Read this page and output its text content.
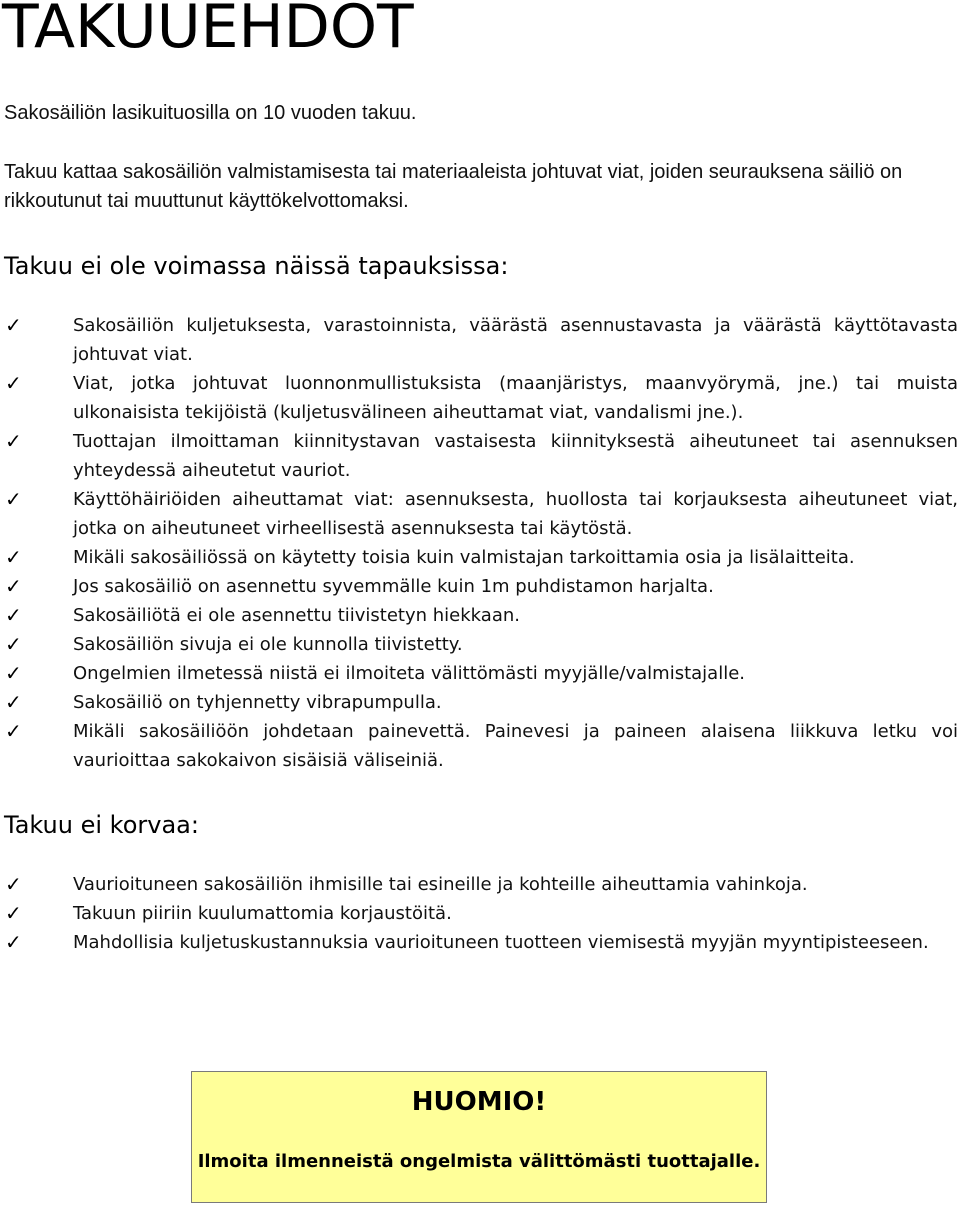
TAKUUEHDOT

Sakosäiliön lasikuituosilla on 10 vuoden takuu.

Takuu kattaa sakosäiliön valmistamisesta tai materiaaleista johtuvat viat, joiden seurauksena säiliö on rikkoutunut tai muuttunut käyttökelvottomaksi.

Takuu ei ole voimassa näissä tapauksissa:
✓	Sakosäiliön kuljetuksesta, varastoinnista, väärästä asennustavasta ja väärästä käyttötavasta johtuvat viat.
✓	Viat, jotka johtuvat luonnonmullistuksista (maanjäristys, maanvyörymä, jne.) tai muista ulkonaisista tekijöistä (kuljetusvälineen aiheuttamat viat, vandalismi jne.).
✓	Tuottajan ilmoittaman kiinnitystavan vastaisesta kiinnityksestä aiheutuneet tai asennuksen yhteydessä aiheutetut vauriot.
✓	Käyttöhäiriöiden aiheuttamat viat: asennuksesta, huollosta tai korjauksesta aiheutuneet viat, jotka on aiheutuneet virheellisestä asennuksesta tai käytöstä.
✓	Mikäli sakosäiliössä on käytetty toisia kuin valmistajan tarkoittamia osia ja lisälaitteita.
✓	Jos sakosäiliö on asennettu syvemmälle kuin 1m puhdistamon harjalta.
✓	Sakosäiliötä ei ole asennettu tiivistetyn hiekkaan.
✓	Sakosäiliön sivuja ei ole kunnolla tiivistetty.
✓	Ongelmien ilmetessä niistä ei ilmoiteta välittömästi myyjälle/valmistajalle.
✓	Sakosäiliö on tyhjennetty vibrapumpulla.
✓	Mikäli sakosäiliöön johdetaan painevettä. Painevesi ja paineen alaisena liikkuva letku voi vaurioittaa sakokaivon sisäisiä väliseiniä.
Takuu ei korvaa:
✓	Vaurioituneen sakosäiliön ihmisille tai esineille ja kohteille aiheuttamia vahinkoja.
✓	Takuun piiriin kuulumattomia korjaustöitä.
✓	Mahdollisia kuljetuskustannuksia vaurioituneen tuotteen viemisestä myyjän myyntipisteeseen.
HUOMIO!
Ilmoita ilmenneistä ongelmista välittömästi tuottajalle.
